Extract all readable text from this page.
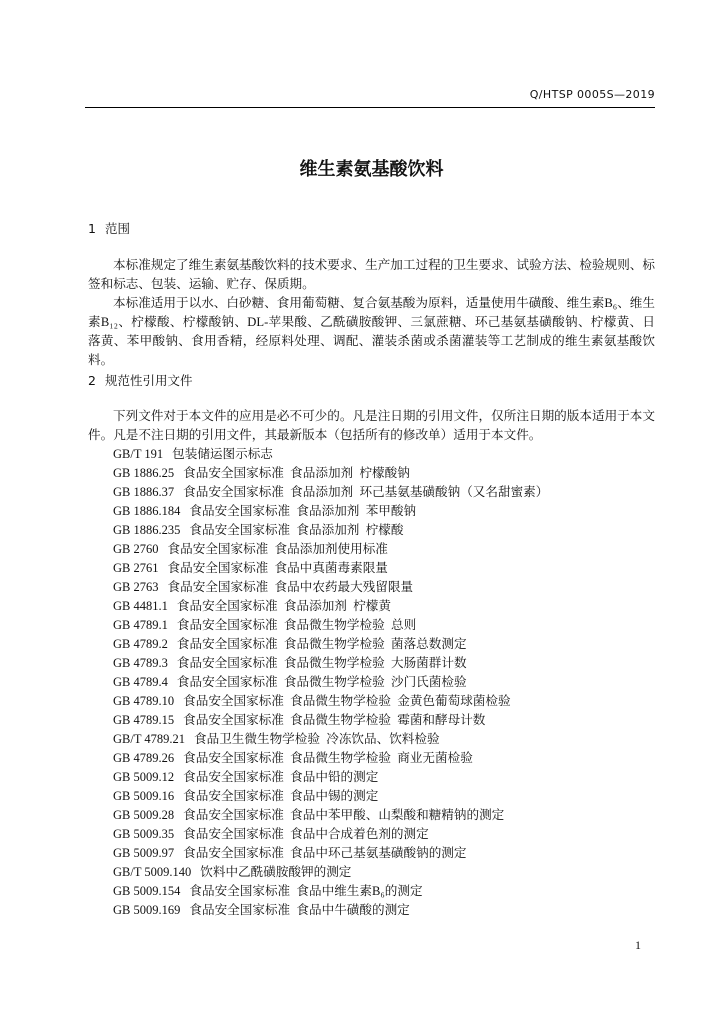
Q/HTSP 0005S—2019
维生素氨基酸饮料
1 范围

本标准规定了维生素氨基酸饮料的技术要求、生产加工过程的卫生要求、试验方法、检验规则、标签和标志、包装、运输、贮存、保质期。

本标准适用于以水、白砂糖、食用葡萄糖、复合氨基酸为原料，适量使用牛磺酸、维生素B₆、维生素B₁₂、柠檬酸、柠檬酸钠、DL-苹果酸、乙酰磺胺酸钾、三氯蔗糖、环己基氨基磺酸钠、柠檬黄、日落黄、苯甲酸钠、食用香精，经原料处理、调配、灌装杀菌或杀菌灌装等工艺制成的维生素氨基酸饮料。

2 规范性引用文件

下列文件对于本文件的应用是必不可少的。凡是注日期的引用文件，仅所注日期的版本适用于本文件。凡是不注日期的引用文件，其最新版本（包括所有的修改单）适用于本文件。

GB/T 191 包装储运图示标志
GB 1886.25 食品安全国家标准  食品添加剂  柠檬酸钠
GB 1886.37 食品安全国家标准  食品添加剂  环己基氨基磺酸钠（又名甜蜜素）
GB 1886.184 食品安全国家标准  食品添加剂  苯甲酸钠
GB 1886.235 食品安全国家标准  食品添加剂  柠檬酸
GB 2760 食品安全国家标准  食品添加剂使用标准
GB 2761 食品安全国家标准  食品中真菌毒素限量
GB 2763 食品安全国家标准  食品中农药最大残留限量
GB 4481.1 食品安全国家标准  食品添加剂  柠檬黄
GB 4789.1 食品安全国家标准  食品微生物学检验  总则
GB 4789.2 食品安全国家标准  食品微生物学检验  菌落总数测定
GB 4789.3 食品安全国家标准  食品微生物学检验  大肠菌群计数
GB 4789.4 食品安全国家标准  食品微生物学检验  沙门氏菌检验
GB 4789.10 食品安全国家标准  食品微生物学检验  金黄色葡萄球菌检验
GB 4789.15 食品安全国家标准  食品微生物学检验  霉菌和酵母计数
GB/T 4789.21 食品卫生微生物学检验  冷冻饮品、饮料检验
GB 4789.26 食品安全国家标准  食品微生物学检验  商业无菌检验
GB 5009.12 食品安全国家标准  食品中铅的测定
GB 5009.16 食品安全国家标准  食品中锡的测定
GB 5009.28 食品安全国家标准  食品中苯甲酸、山梨酸和糖精钠的测定
GB 5009.35 食品安全国家标准  食品中合成着色剂的测定
GB 5009.97 食品安全国家标准  食品中环己基氨基磺酸钠的测定
GB/T 5009.140 饮料中乙酰磺胺酸钾的测定
GB 5009.154 食品安全国家标准  食品中维生素B₆的测定
GB 5009.169 食品安全国家标准  食品中牛磺酸的测定
1
